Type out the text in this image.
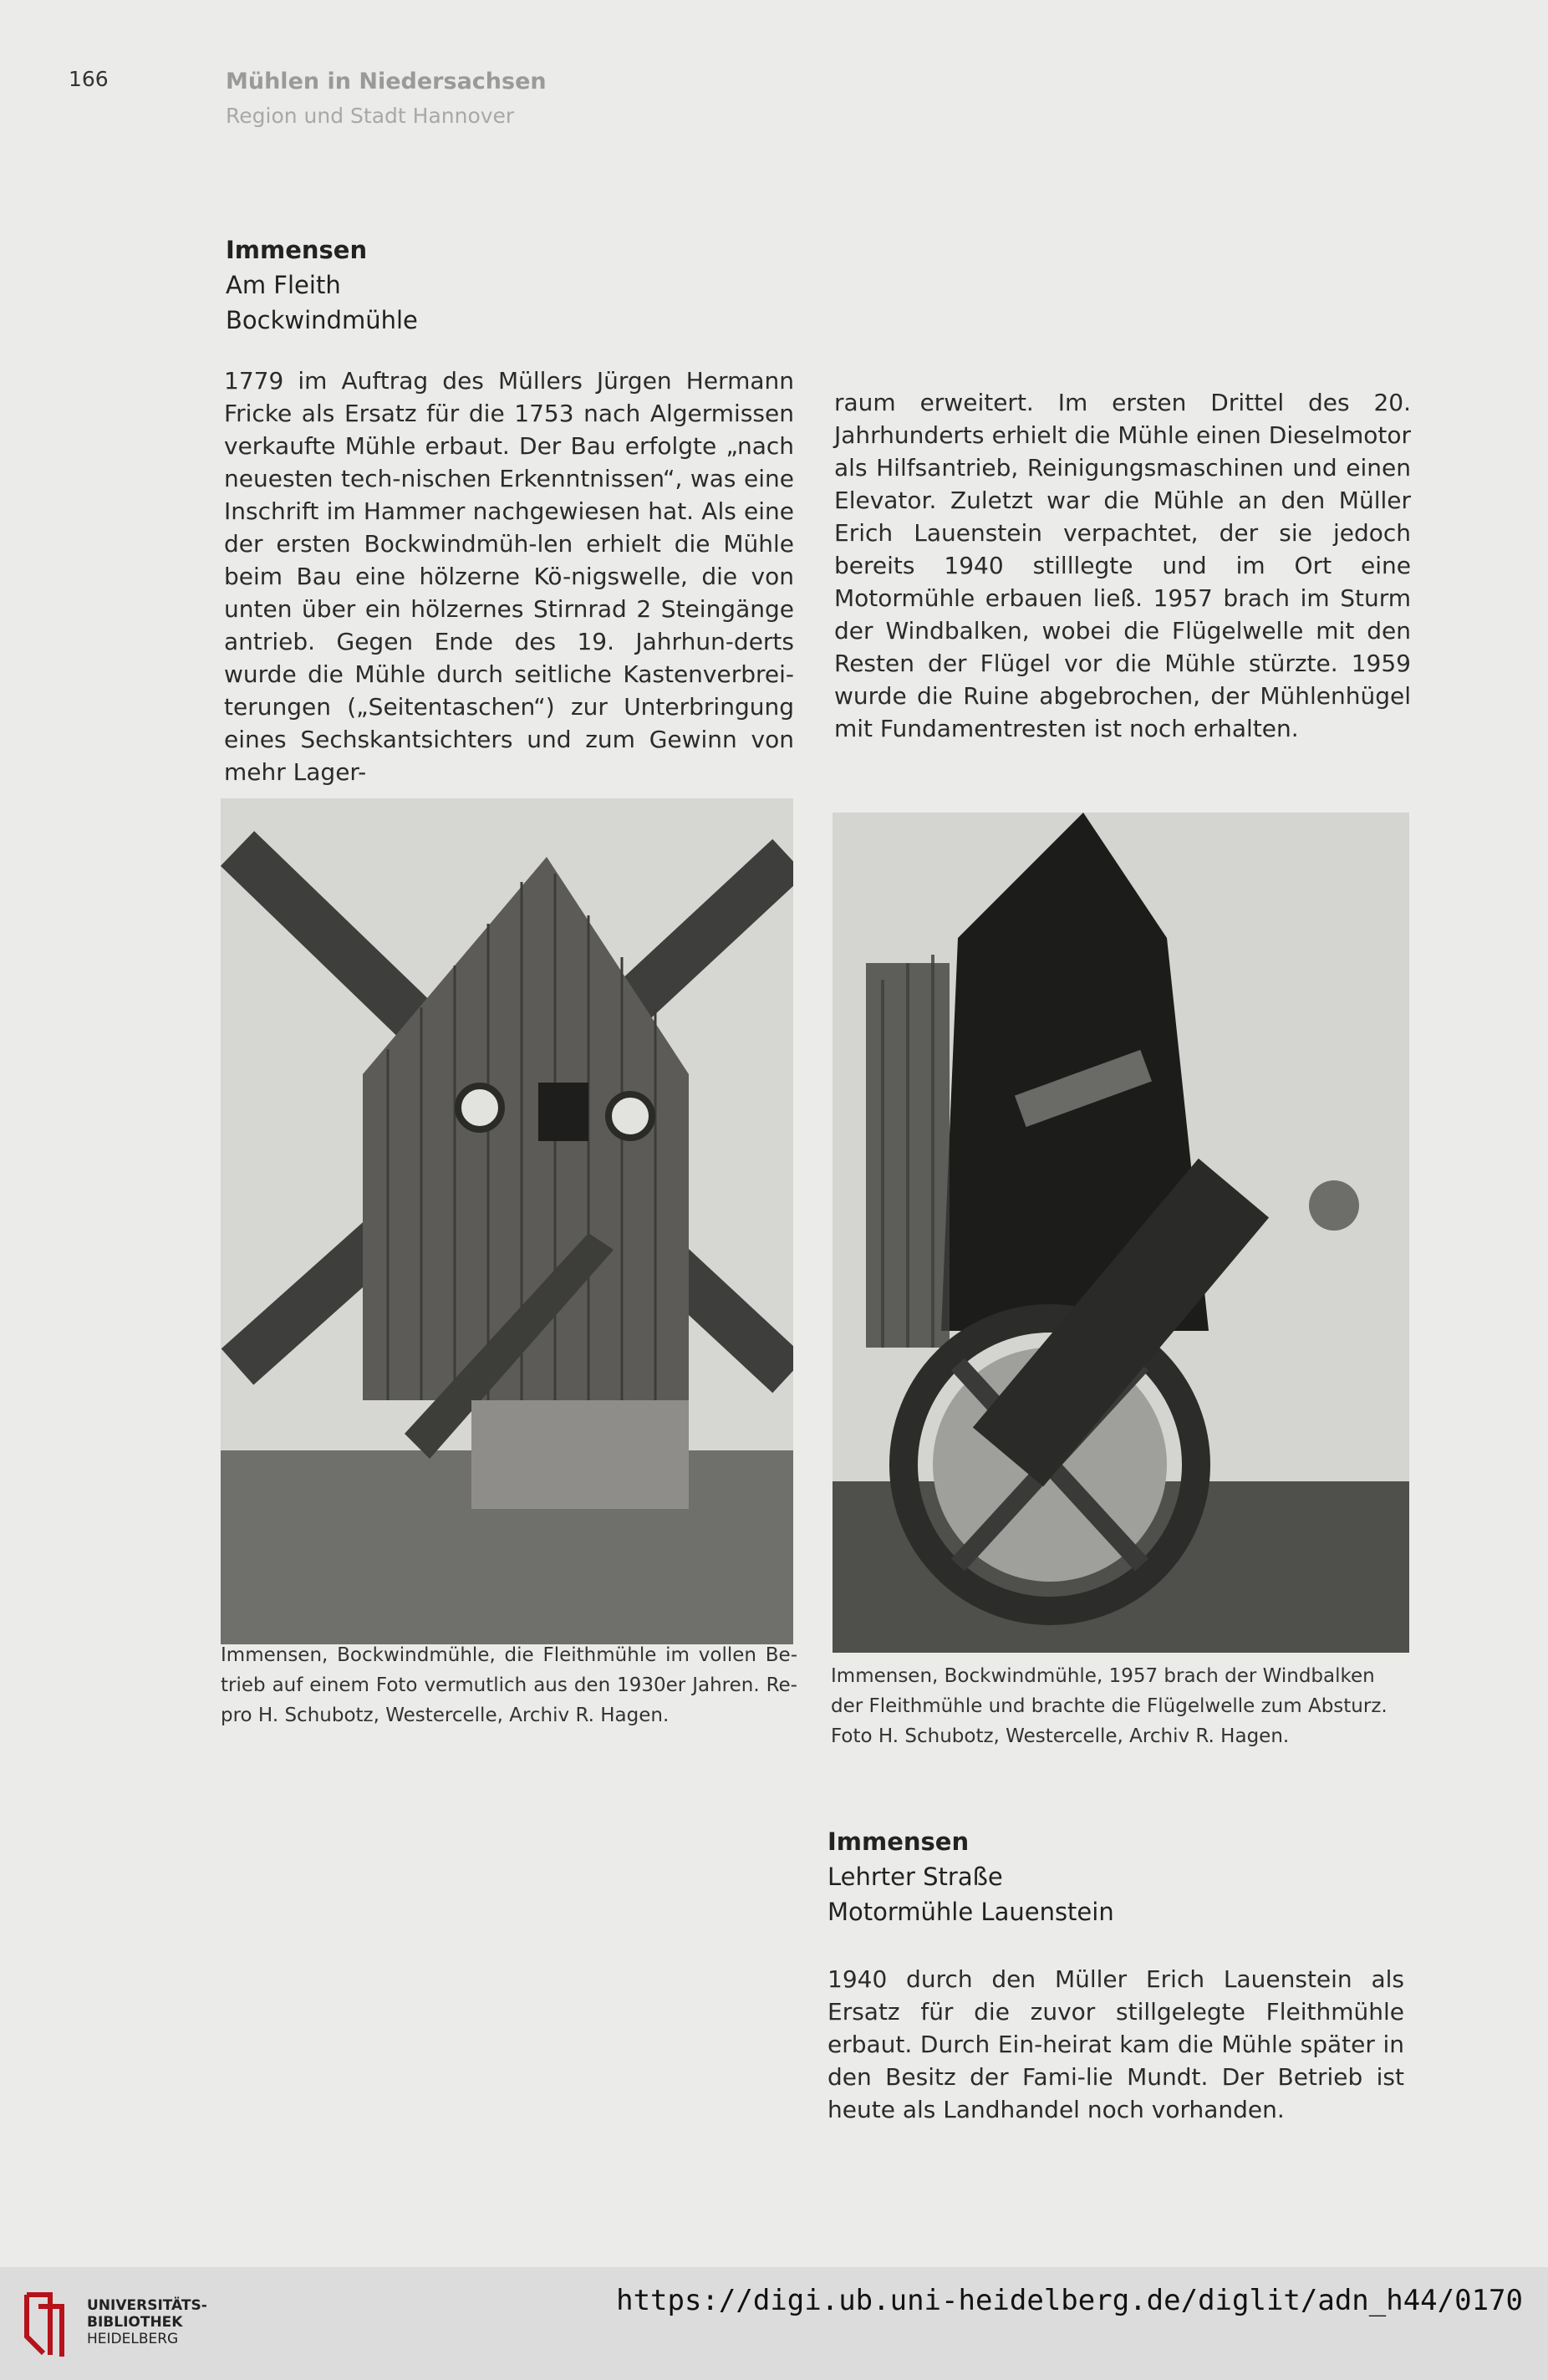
166	Mühlen in Niedersachsen
Region und Stadt Hannover
Immensen
Am Fleith
Bockwindmühle

1779 im Auftrag des Müllers Jürgen Hermann Fricke als Ersatz für die 1753 nach Algermissen verkaufte Mühle erbaut. Der Bau erfolgte „nach neuesten tech-nischen Erkenntnissen“, was eine Inschrift im Hammer nachgewiesen hat. Als eine der ersten Bockwindmüh-len erhielt die Mühle beim Bau eine hölzerne Kö-nigswelle, die von unten über ein hölzernes Stirnrad 2 Steingänge antrieb. Gegen Ende des 19. Jahrhun-derts wurde die Mühle durch seitliche Kastenverbrei-terungen („Seitentaschen“) zur Unterbringung eines Sechskantsichters und zum Gewinn von mehr Lager-

raum erweitert. Im ersten Drittel des 20. Jahrhunderts erhielt die Mühle einen Dieselmotor als Hilfsantrieb, Reinigungsmaschinen und einen Elevator. Zuletzt war die Mühle an den Müller Erich Lauenstein verpachtet, der sie jedoch bereits 1940 stilllegte und im Ort eine Motormühle erbauen ließ. 1957 brach im Sturm der Windbalken, wobei die Flügelwelle mit den Resten der Flügel vor die Mühle stürzte. 1959 wurde die Ruine abgebrochen, der Mühlenhügel mit Fundamentresten ist noch erhalten.

Immensen, Bockwindmühle, die Fleithmühle im vollen Be-trieb auf einem Foto vermutlich aus den 1930er Jahren. Re-pro H. Schubotz, Westercelle, Archiv R. Hagen.

Immensen, Bockwindmühle, 1957 brach der Windbalken der Fleithmühle und brachte die Flügelwelle zum Absturz. Foto H. Schubotz, Westercelle, Archiv R. Hagen.

Immensen
Lehrter Straße
Motormühle Lauenstein

1940 durch den Müller Erich Lauenstein als Ersatz für die zuvor stillgelegte Fleithmühle erbaut. Durch Ein-heirat kam die Mühle später in den Besitz der Fami-lie Mundt. Der Betrieb ist heute als Landhandel noch vorhanden.

UNIVERSITÄTS-
BIBLIOTHEK
HEIDELBERG
https://digi.ub.uni-heidelberg.de/diglit/adn_h44/0170
